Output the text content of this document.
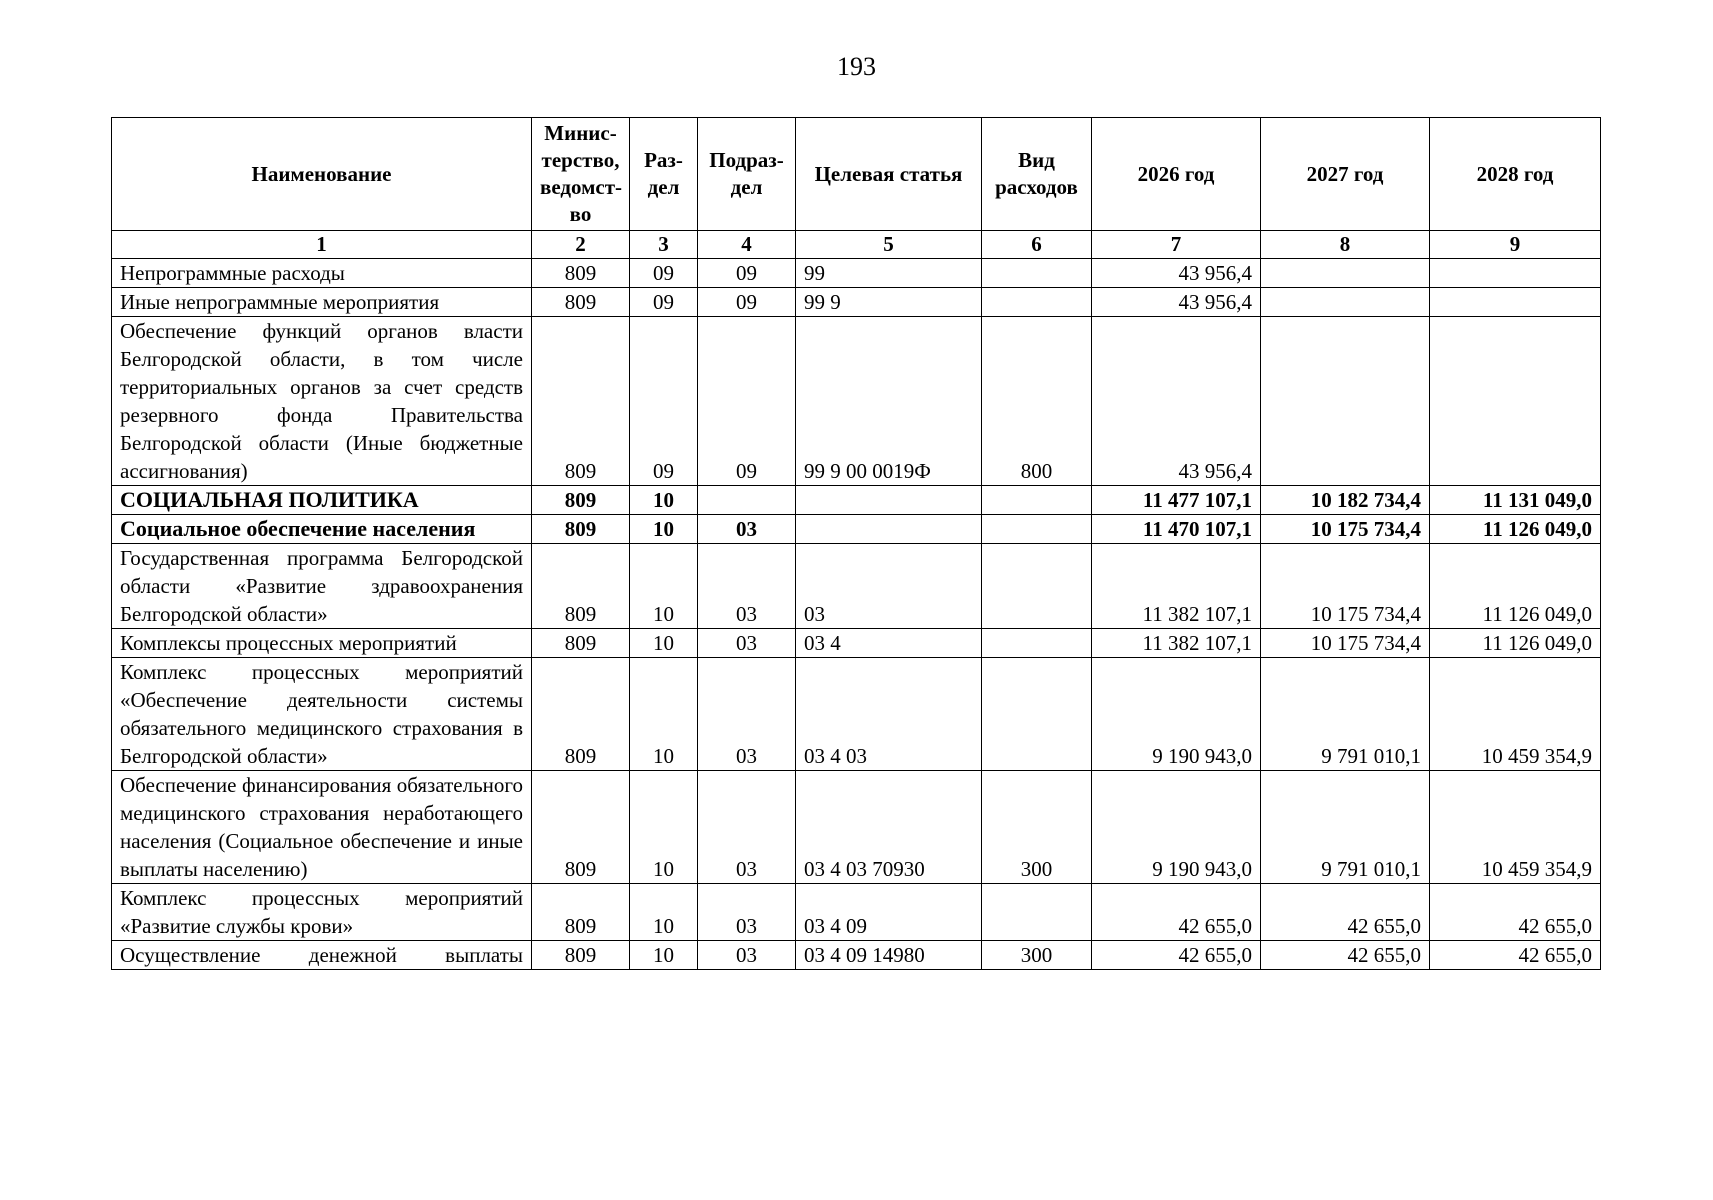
193
Наименование	Минис-терство, ведомст-во	Раз-дел	Подраз-дел	Целевая статья	Вид расходов	2026 год	2027 год	2028 год
1	2	3	4	5	6	7	8	9
Непрограммные расходы	809	09	09	99		43 956,4		
Иные непрограммные мероприятия	809	09	09	99 9		43 956,4		
Обеспечение функций органов власти Белгородской области, в том числе территориальных органов за счет средств резервного фонда Правительства Белгородской области (Иные бюджетные ассигнования)	809	09	09	99 9 00 0019Ф	800	43 956,4		
СОЦИАЛЬНАЯ ПОЛИТИКА	809	10				11 477 107,1	10 182 734,4	11 131 049,0
Социальное обеспечение населения	809	10	03			11 470 107,1	10 175 734,4	11 126 049,0
Государственная программа Белгородской области «Развитие здравоохранения Белгородской области»	809	10	03	03		11 382 107,1	10 175 734,4	11 126 049,0
Комплексы процессных мероприятий	809	10	03	03 4		11 382 107,1	10 175 734,4	11 126 049,0
Комплекс процессных мероприятий «Обеспечение деятельности системы обязательного медицинского страхования в Белгородской области»	809	10	03	03 4 03		9 190 943,0	9 791 010,1	10 459 354,9
Обеспечение финансирования обязательного медицинского страхования неработающего населения (Социальное обеспечение и иные выплаты населению)	809	10	03	03 4 03 70930	300	9 190 943,0	9 791 010,1	10 459 354,9
Комплекс процессных мероприятий «Развитие службы крови»	809	10	03	03 4 09		42 655,0	42 655,0	42 655,0
Осуществление денежной выплаты	809	10	03	03 4 09 14980	300	42 655,0	42 655,0	42 655,0
